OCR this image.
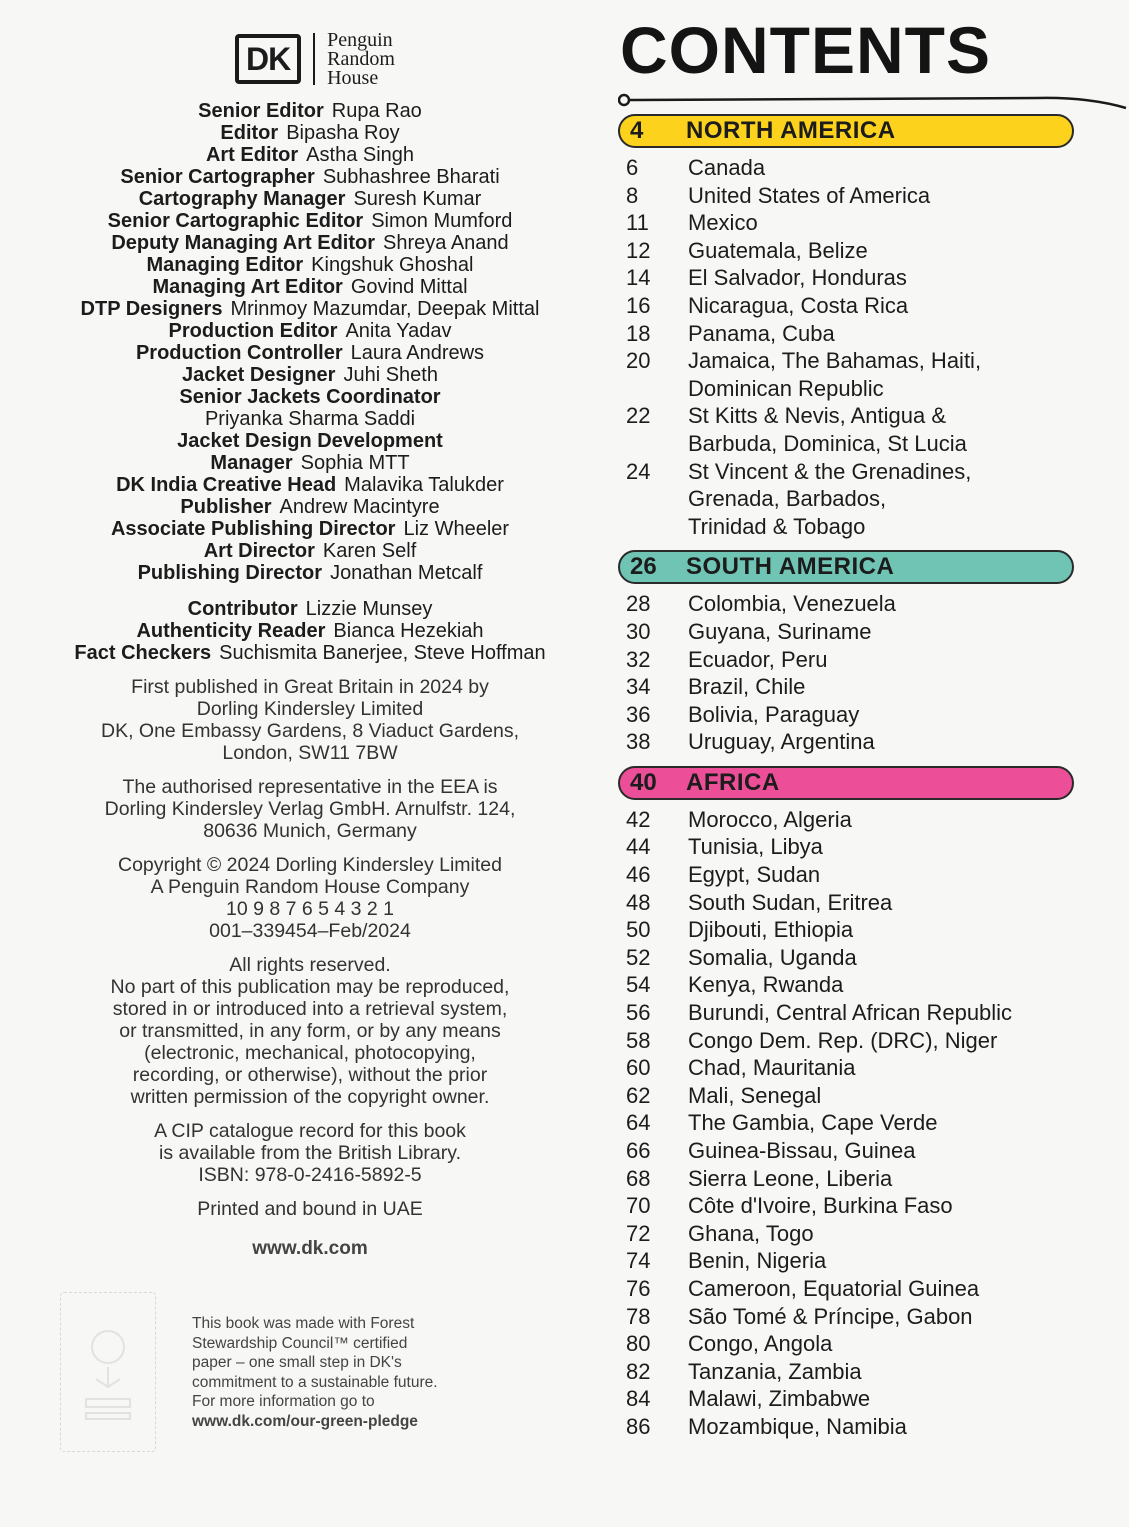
DK
Penguin
Random
House
Senior Editor Rupa Rao
Editor Bipasha Roy
Art Editor Astha Singh
Senior Cartographer Subhashree Bharati
Cartography Manager Suresh Kumar
Senior Cartographic Editor Simon Mumford
Deputy Managing Art Editor Shreya Anand
Managing Editor Kingshuk Ghoshal
Managing Art Editor Govind Mittal
DTP Designers Mrinmoy Mazumdar, Deepak Mittal
Production Editor Anita Yadav
Production Controller Laura Andrews
Jacket Designer Juhi Sheth
Senior Jackets Coordinator
Priyanka Sharma Saddi
Jacket Design Development
Manager Sophia MTT
DK India Creative Head Malavika Talukder
Publisher Andrew Macintyre
Associate Publishing Director Liz Wheeler
Art Director Karen Self
Publishing Director Jonathan Metcalf
Contributor Lizzie Munsey
Authenticity Reader Bianca Hezekiah
Fact Checkers Suchismita Banerjee, Steve Hoffman
First published in Great Britain in 2024 by
Dorling Kindersley Limited
DK, One Embassy Gardens, 8 Viaduct Gardens,
London, SW11 7BW
The authorised representative in the EEA is
Dorling Kindersley Verlag GmbH. Arnulfstr. 124,
80636 Munich, Germany
Copyright © 2024 Dorling Kindersley Limited
A Penguin Random House Company
10 9 8 7 6 5 4 3 2 1
001–339454–Feb/2024
All rights reserved.
No part of this publication may be reproduced,
stored in or introduced into a retrieval system,
or transmitted, in any form, or by any means
(electronic, mechanical, photocopying,
recording, or otherwise), without the prior
written permission of the copyright owner.
A CIP catalogue record for this book
is available from the British Library.
ISBN: 978-0-2416-5892-5
Printed and bound in UAE
www.dk.com
This book was made with Forest
Stewardship Council™ certified
paper – one small step in DK's
commitment to a sustainable future.
For more information go to
www.dk.com/our-green-pledge
CONTENTS
4	NORTH AMERICA
6	Canada
8	United States of America
11	Mexico
12	Guatemala, Belize
14	El Salvador, Honduras
16	Nicaragua, Costa Rica
18	Panama, Cuba
20	Jamaica, The Bahamas, Haiti,
Dominican Republic
22	St Kitts & Nevis, Antigua &
Barbuda, Dominica, St Lucia
24	St Vincent & the Grenadines,
Grenada, Barbados,
Trinidad & Tobago
26	SOUTH AMERICA
28	Colombia, Venezuela
30	Guyana, Suriname
32	Ecuador, Peru
34	Brazil, Chile
36	Bolivia, Paraguay
38	Uruguay, Argentina
40	AFRICA
42	Morocco, Algeria
44	Tunisia, Libya
46	Egypt, Sudan
48	South Sudan, Eritrea
50	Djibouti, Ethiopia
52	Somalia, Uganda
54	Kenya, Rwanda
56	Burundi, Central African Republic
58	Congo Dem. Rep. (DRC), Niger
60	Chad, Mauritania
62	Mali, Senegal
64	The Gambia, Cape Verde
66	Guinea-Bissau, Guinea
68	Sierra Leone, Liberia
70	Côte d'Ivoire, Burkina Faso
72	Ghana, Togo
74	Benin, Nigeria
76	Cameroon, Equatorial Guinea
78	São Tomé & Príncipe, Gabon
80	Congo, Angola
82	Tanzania, Zambia
84	Malawi, Zimbabwe
86	Mozambique, Namibia
